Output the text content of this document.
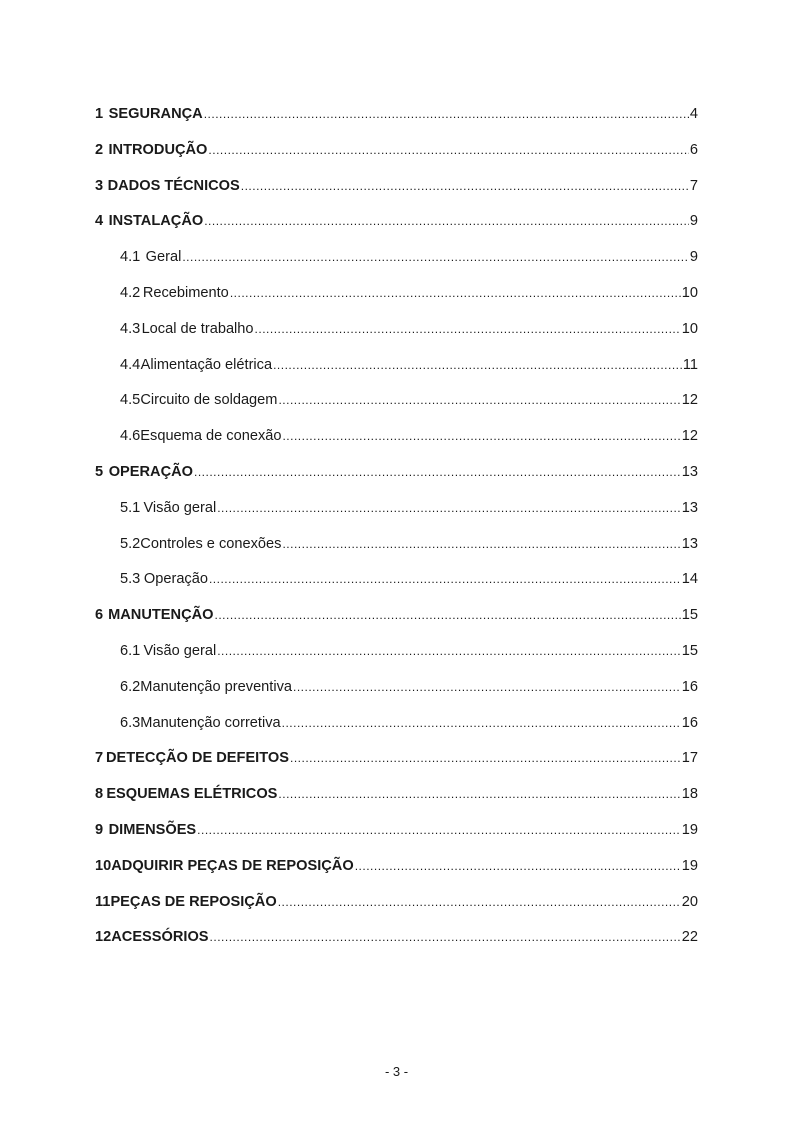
1 SEGURANÇA .....	4
2 INTRODUÇÃO .....	6
3 DADOS TÉCNICOS .....	7
4 INSTALAÇÃO .....	9
4.1 Geral .....	9
4.2 Recebimento .....	10
4.3 Local de trabalho .....	10
4.4 Alimentação elétrica .....	11
4.5 Circuito de soldagem .....	12
4.6 Esquema de conexão .....	12
5 OPERAÇÃO .....	13
5.1 Visão geral .....	13
5.2 Controles e conexões .....	13
5.3 Operação .....	14
6 MANUTENÇÃO .....	15
6.1 Visão geral .....	15
6.2 Manutenção preventiva .....	16
6.3 Manutenção corretiva .....	16
7 DETECÇÃO DE DEFEITOS .....	17
8 ESQUEMAS ELÉTRICOS .....	18
9 DIMENSÕES .....	19
10 ADQUIRIR PEÇAS DE REPOSIÇÃO .....	19
11 PEÇAS DE REPOSIÇÃO .....	20
12 ACESSÓRIOS .....	22
- 3 -
